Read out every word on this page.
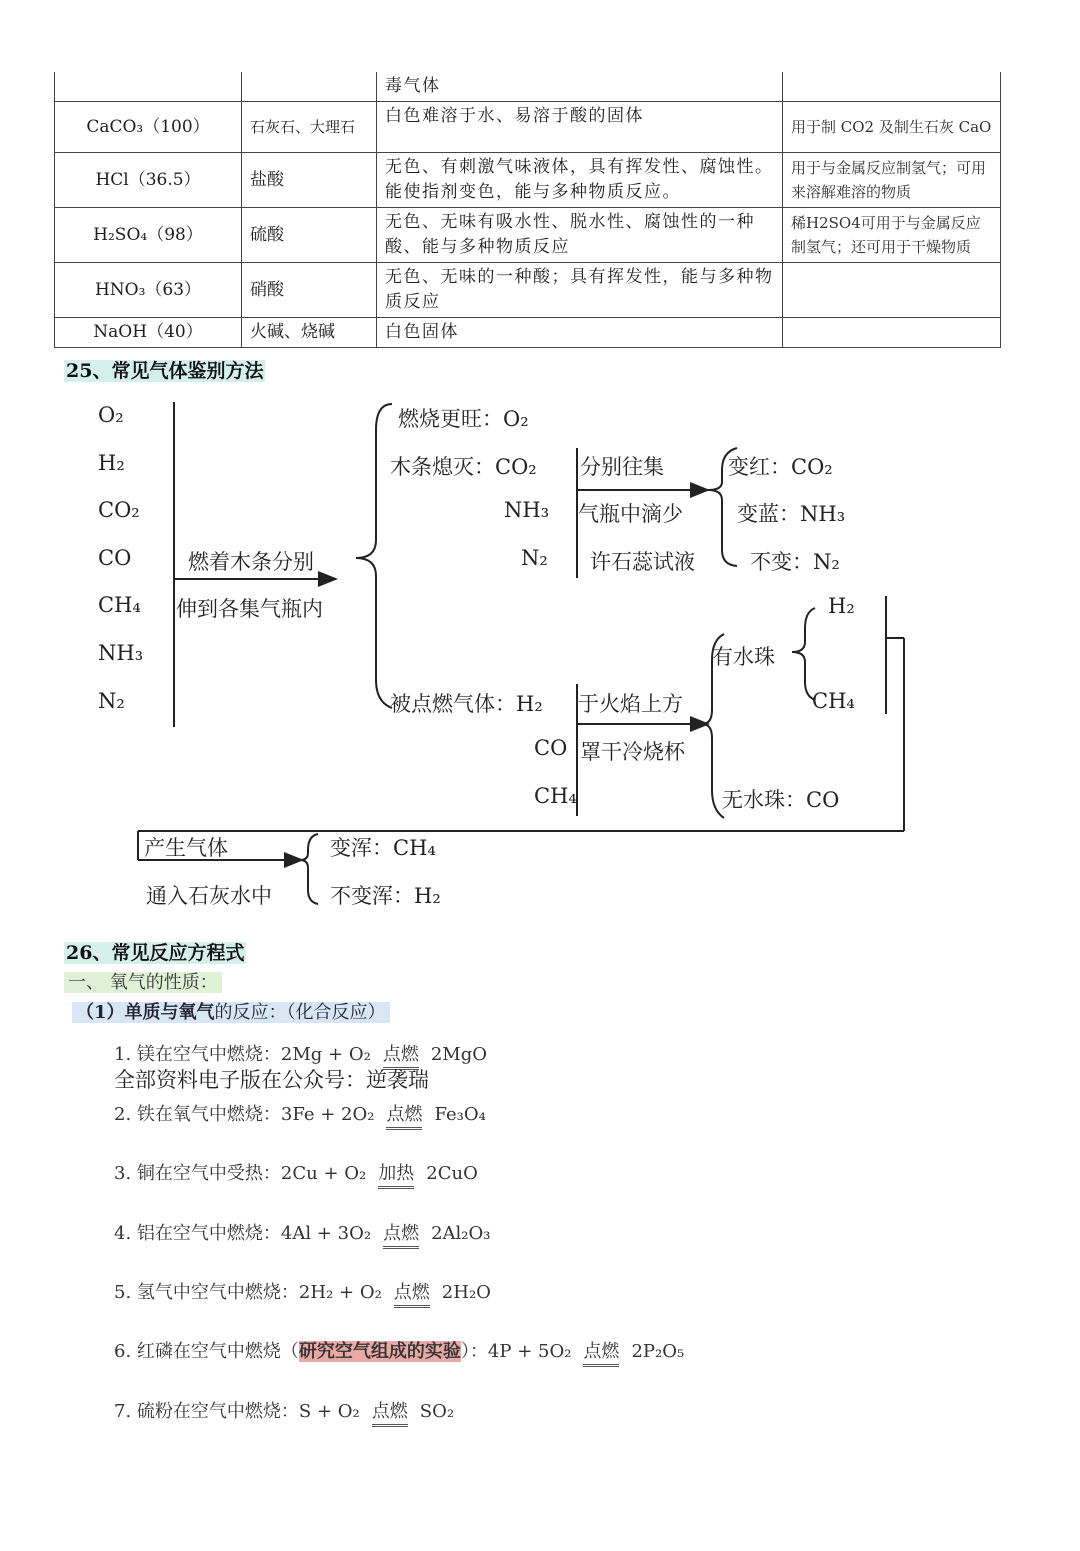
		毒气体	
CaCO₃（100）	石灰石、大理石	白色难溶于水、易溶于酸的固体	用于制 CO2 及制生石灰 CaO
HCl（36.5）	盐酸	无色、有刺激气味液体，具有挥发性、腐蚀性。能使指剂变色，能与多种物质反应。	用于与金属反应制氢气；可用来溶解难溶的物质
H₂SO₄（98）	硫酸	无色、无味有吸水性、脱水性、腐蚀性的一种酸、能与多种物质反应	稀H2SO4可用于与金属反应制氢气；还可用于干燥物质
HNO₃（63）	硝酸	无色、无味的一种酸；具有挥发性，能与多种物质反应	
NaOH（40）	火碱、烧碱	白色固体	
25、常见气体鉴别方法
O₂
H₂
CO₂
CO
CH₄
NH₃
N₂
燃着木条分别
伸到各集气瓶内
燃烧更旺：O₂
木条熄灭：CO₂
NH₃
N₂
分别往集
气瓶中滴少
许石蕊试液
变红：CO₂
变蓝：NH₃
不变：N₂
被点燃气体：H₂
CO
CH₄
于火焰上方
罩干冷烧杯
有水珠
H₂
CH₄
无水珠：CO
产生气体
通入石灰水中
变浑：CH₄
不变浑：H₂
26、常见反应方程式
一、 氧气的性质：
（1）单质与氧气的反应：（化合反应）
1. 镁在空气中燃烧：2Mg + O₂ 点燃 2MgO
全部资料电子版在公众号：逆袭瑞
2. 铁在氧气中燃烧：3Fe + 2O₂ 点燃 Fe₃O₄
3. 铜在空气中受热：2Cu + O₂ 加热 2CuO
4. 铝在空气中燃烧：4Al + 3O₂ 点燃 2Al₂O₃
5. 氢气中空气中燃烧：2H₂ + O₂ 点燃 2H₂O
6. 红磷在空气中燃烧（研究空气组成的实验）：4P + 5O₂ 点燃 2P₂O₅
7. 硫粉在空气中燃烧：S + O₂ 点燃 SO₂
